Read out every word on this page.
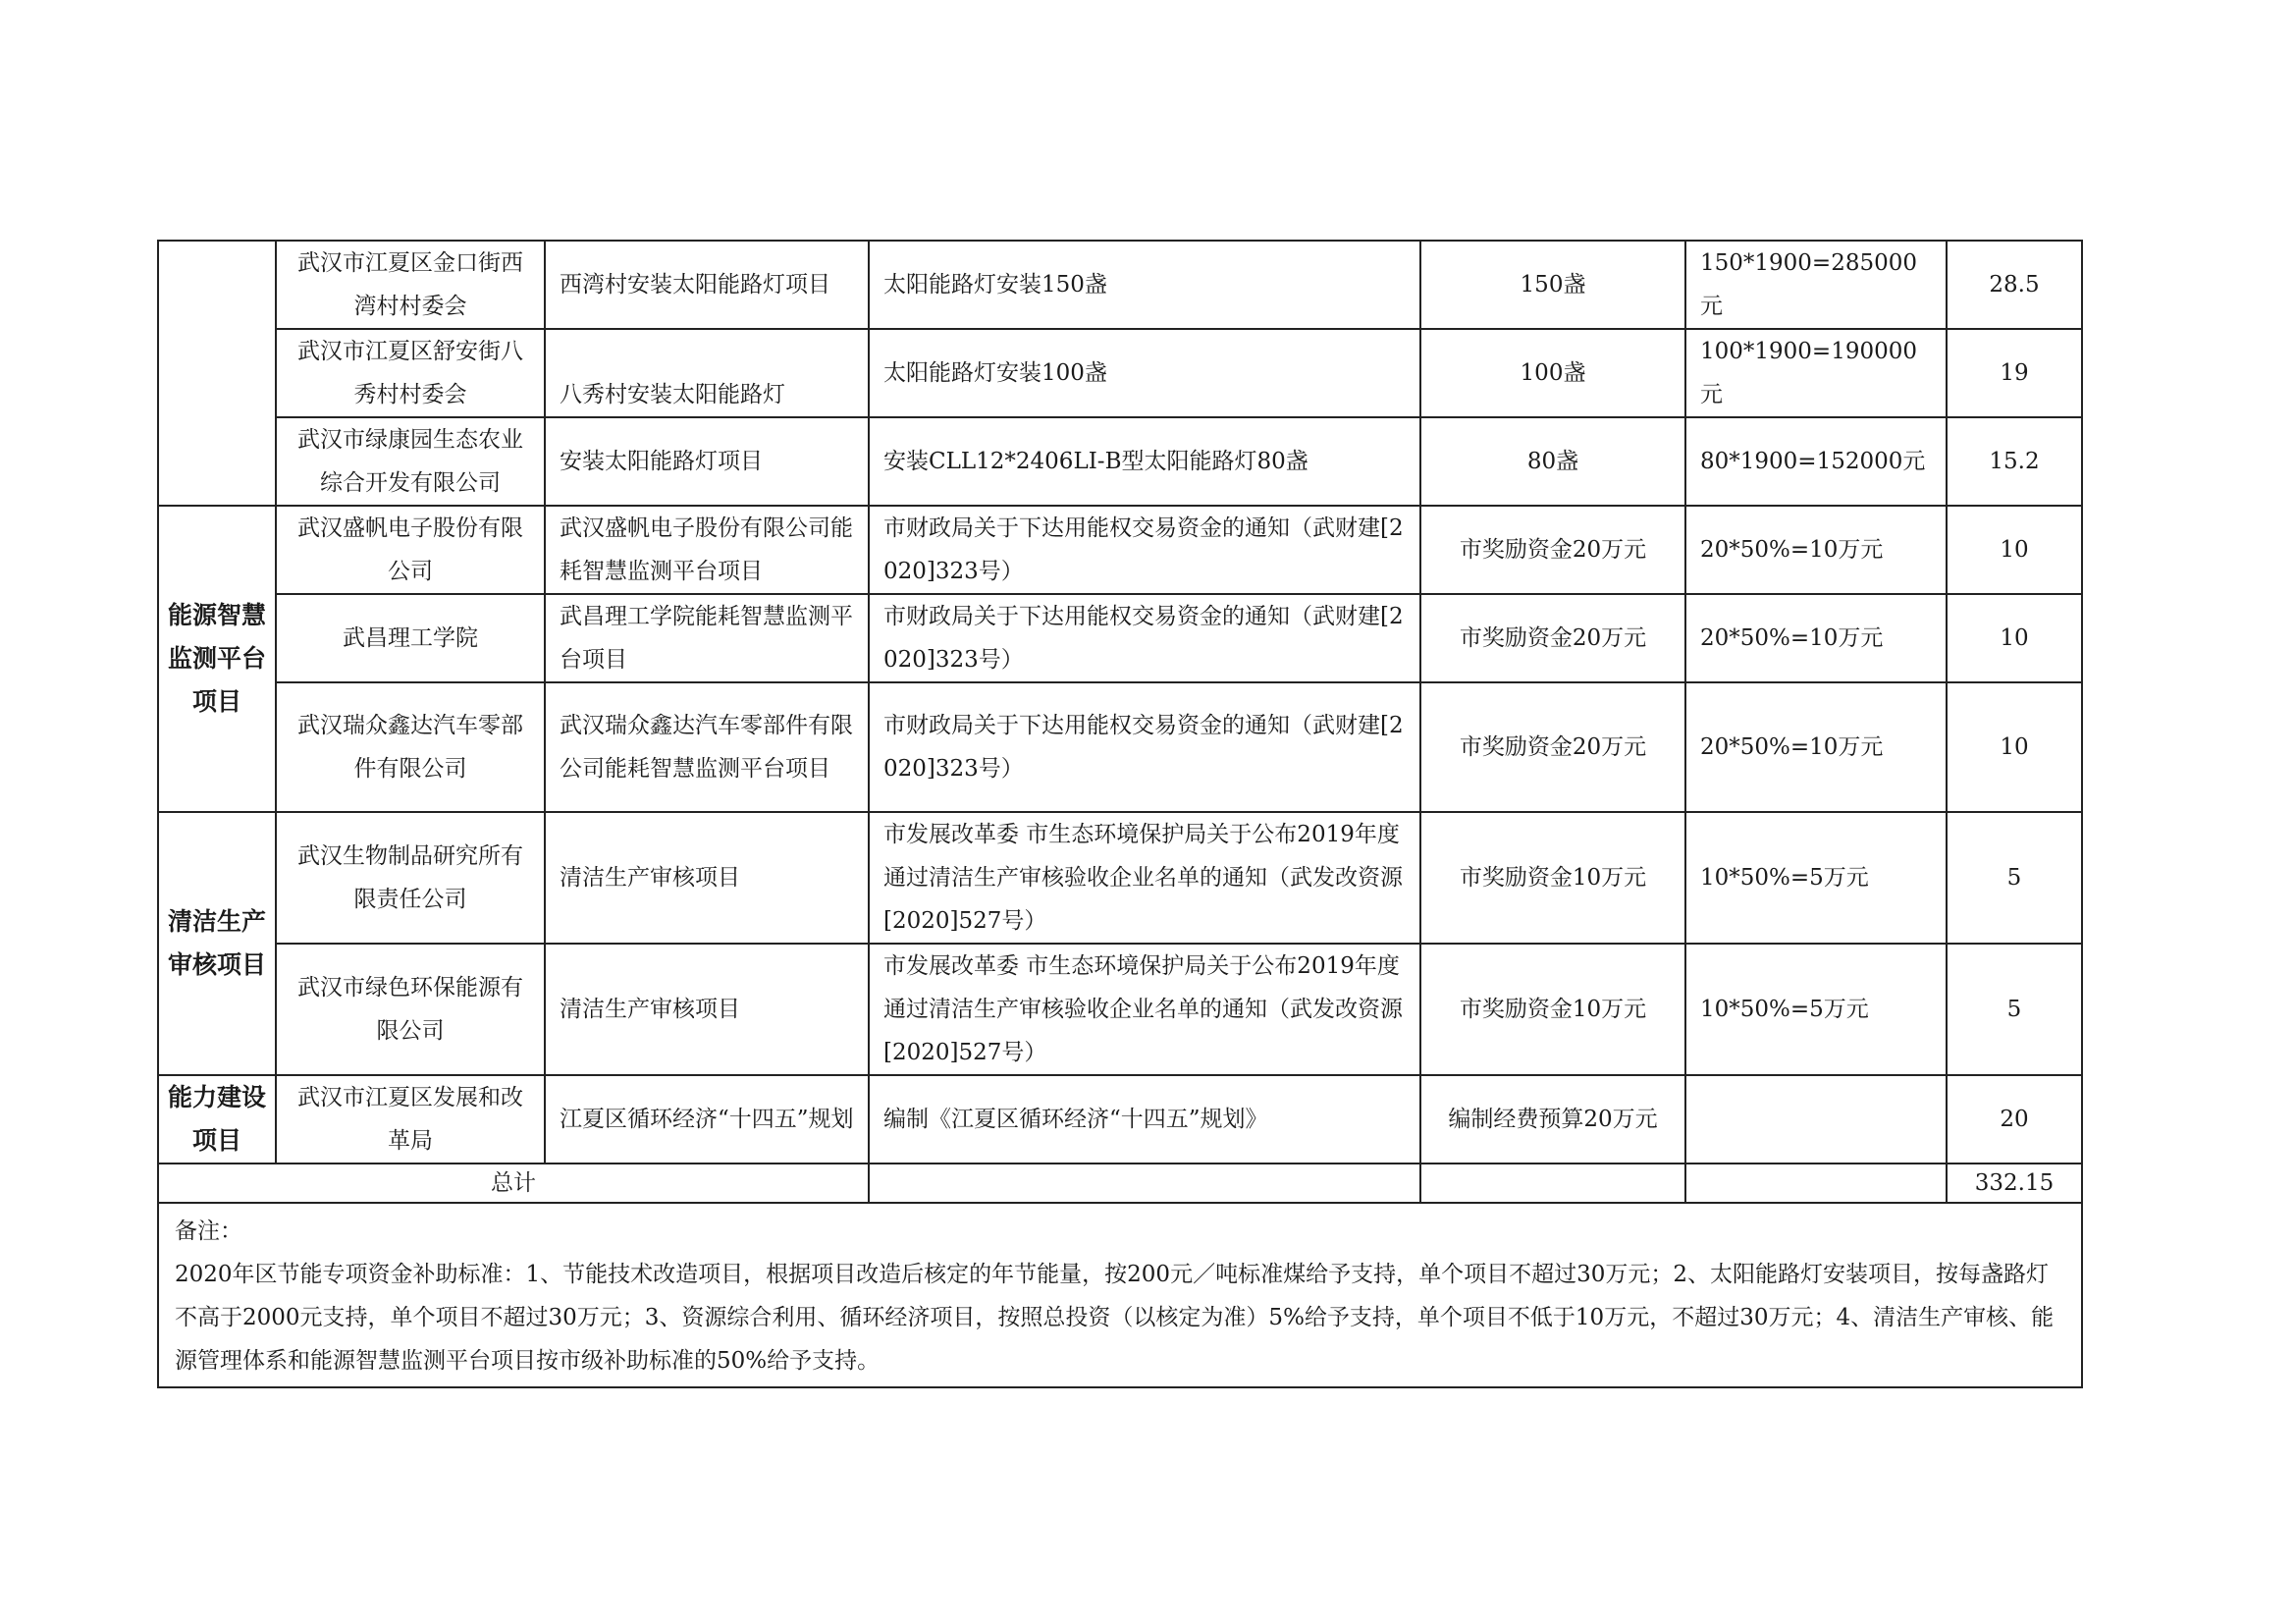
	武汉市江夏区金口街西湾村村委会	西湾村安装太阳能路灯项目	太阳能路灯安装150盏	150盏	150*1900=285000元	28.5
	武汉市江夏区舒安街八秀村村委会	八秀村安装太阳能路灯	太阳能路灯安装100盏	100盏	100*1900=190000元	19
	武汉市绿康园生态农业综合开发有限公司	安装太阳能路灯项目	安装CLL12*2406LI-B型太阳能路灯80盏	80盏	80*1900=152000元	15.2
能源智慧监测平台项目	武汉盛帆电子股份有限公司	武汉盛帆电子股份有限公司能耗智慧监测平台项目	市财政局关于下达用能权交易资金的通知（武财建[2020]323号）	市奖励资金20万元	20*50%=10万元	10
	武昌理工学院	武昌理工学院能耗智慧监测平台项目	市财政局关于下达用能权交易资金的通知（武财建[2020]323号）	市奖励资金20万元	20*50%=10万元	10
	武汉瑞众鑫达汽车零部件有限公司	武汉瑞众鑫达汽车零部件有限公司能耗智慧监测平台项目	市财政局关于下达用能权交易资金的通知（武财建[2020]323号）	市奖励资金20万元	20*50%=10万元	10
清洁生产审核项目	武汉生物制品研究所有限责任公司	清洁生产审核项目	市发展改革委 市生态环境保护局关于公布2019年度通过清洁生产审核验收企业名单的通知（武发改资源[2020]527号）	市奖励资金10万元	10*50%=5万元	5
	武汉市绿色环保能源有限公司	清洁生产审核项目	市发展改革委 市生态环境保护局关于公布2019年度通过清洁生产审核验收企业名单的通知（武发改资源[2020]527号）	市奖励资金10万元	10*50%=5万元	5
能力建设项目	武汉市江夏区发展和改革局	江夏区循环经济“十四五”规划	编制《江夏区循环经济“十四五”规划》	编制经费预算20万元		20
总计						332.15

备注：

2020年区节能专项资金补助标准：1、节能技术改造项目，根据项目改造后核定的年节能量，按200元／吨标准煤给予支持，单个项目不超过30万元；2、太阳能路灯安装项目，按每盏路灯不高于2000元支持，单个项目不超过30万元；3、资源综合利用、循环经济项目，按照总投资（以核定为准）5%给予支持，单个项目不低于10万元，不超过30万元；4、清洁生产审核、能源管理体系和能源智慧监测平台项目按市级补助标准的50%给予支持。						
